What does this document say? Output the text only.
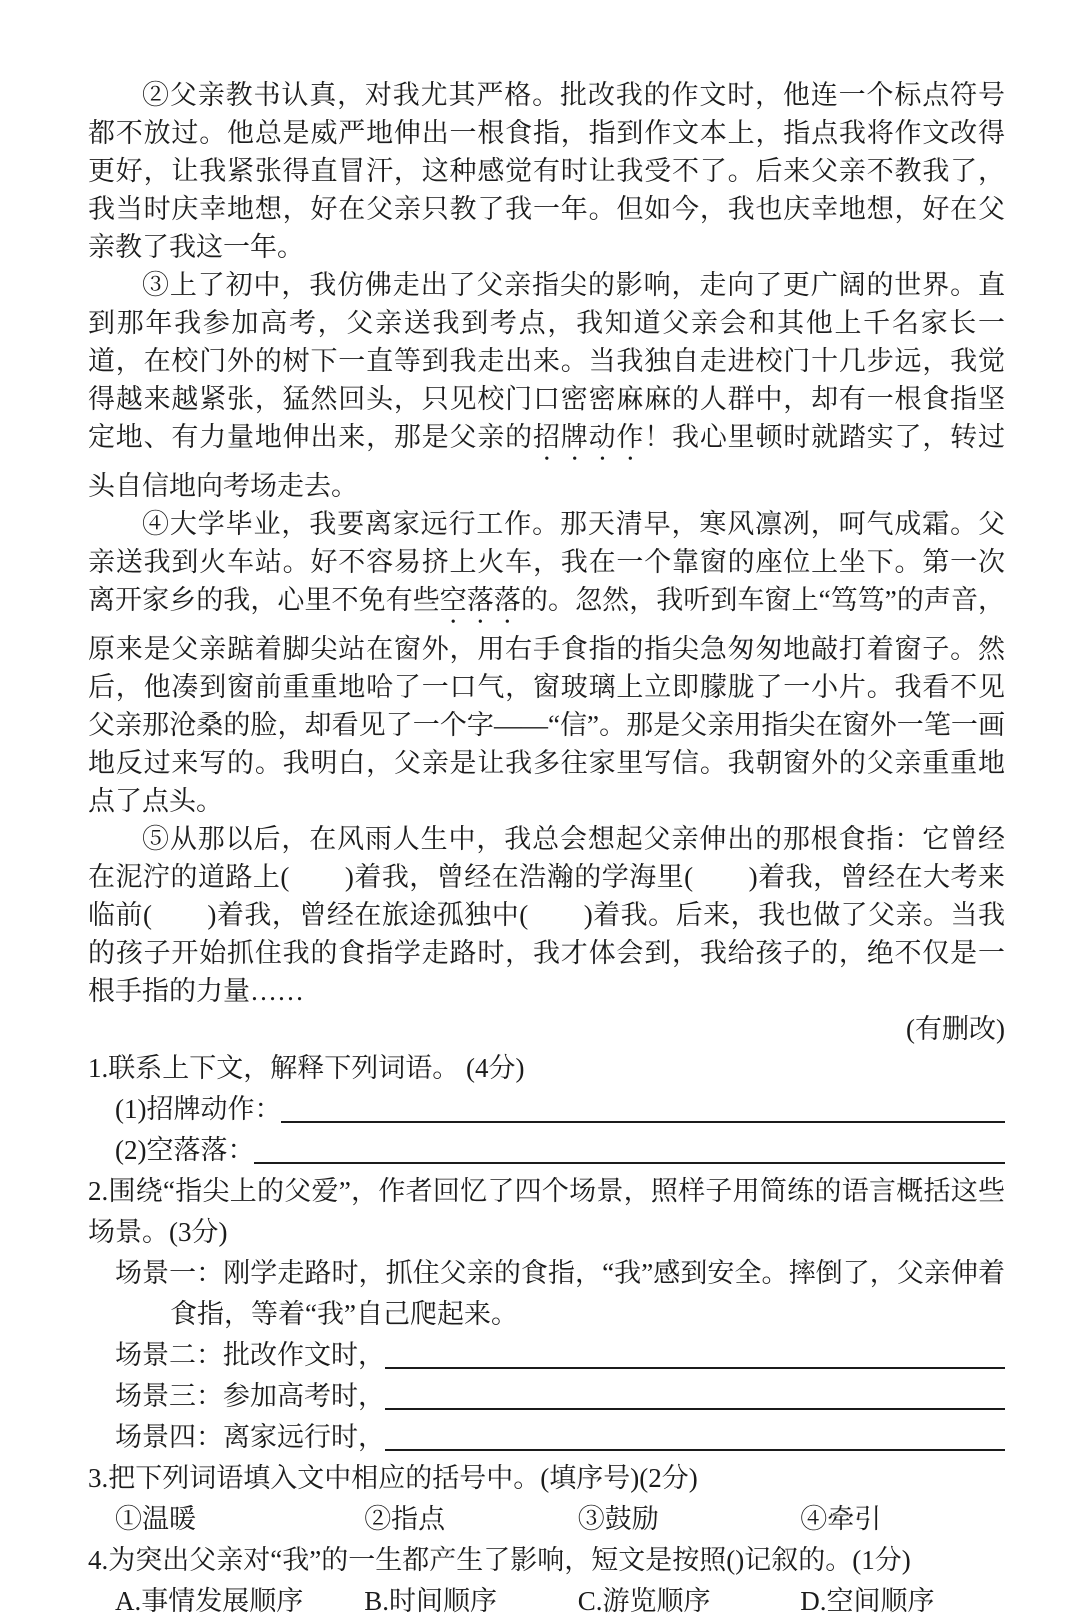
②父亲教书认真，对我尤其严格。批改我的作文时，他连一个标点符号都不放过。他总是威严地伸出一根食指，指到作文本上，指点我将作文改得更好，让我紧张得直冒汗，这种感觉有时让我受不了。后来父亲不教我了，我当时庆幸地想，好在父亲只教了我一年。但如今，我也庆幸地想，好在父亲教了我这一年。

③上了初中，我仿佛走出了父亲指尖的影响，走向了更广阔的世界。直到那年我参加高考，父亲送我到考点，我知道父亲会和其他上千名家长一道，在校门外的树下一直等到我走出来。当我独自走进校门十几步远，我觉得越来越紧张，猛然回头，只见校门口密密麻麻的人群中，却有一根食指坚定地、有力量地伸出来，那是父亲的招牌动作！我心里顿时就踏实了，转过头自信地向考场走去。

④大学毕业，我要离家远行工作。那天清早，寒风凛冽，呵气成霜。父亲送我到火车站。好不容易挤上火车，我在一个靠窗的座位上坐下。第一次离开家乡的我，心里不免有些空落落的。忽然，我听到车窗上“笃笃”的声音，原来是父亲踮着脚尖站在窗外，用右手食指的指尖急匆匆地敲打着窗子。然后，他凑到窗前重重地哈了一口气，窗玻璃上立即朦胧了一小片。我看不见父亲那沧桑的脸，却看见了一个字——“信”。那是父亲用指尖在窗外一笔一画地反过来写的。我明白，父亲是让我多往家里写信。我朝窗外的父亲重重地点了点头。

⑤从那以后，在风雨人生中，我总会想起父亲伸出的那根食指：它曾经在泥泞的道路上(　　)着我，曾经在浩瀚的学海里(　　)着我，曾经在大考来临前(　　)着我，曾经在旅途孤独中(　　)着我。后来，我也做了父亲。当我的孩子开始抓住我的食指学走路时，我才体会到，我给孩子的，绝不仅是一根手指的力量……

(有删改)

1.联系上下文，解释下列词语。 (4分)

(1)招牌动作：
(2)空落落：

2.围绕“指尖上的父爱”，作者回忆了四个场景，照样子用简练的语言概括这些场景。(3分)

场景一：刚学走路时，抓住父亲的食指，“我”感到安全。摔倒了，父亲伸着食指，等着“我”自己爬起来。

场景二： 批改作文时，
场景三： 参加高考时，
场景四： 离家远行时，

3.把下列词语填入文中相应的括号中。(填序号)(2分)

①温暖	②指点	③鼓励	④牵引

4.为突出父亲对“我”的一生都产生了影响，短文是按照()记叙的。(1分)

A.事情发展顺序	B.时间顺序	C.游览顺序	D.空间顺序
